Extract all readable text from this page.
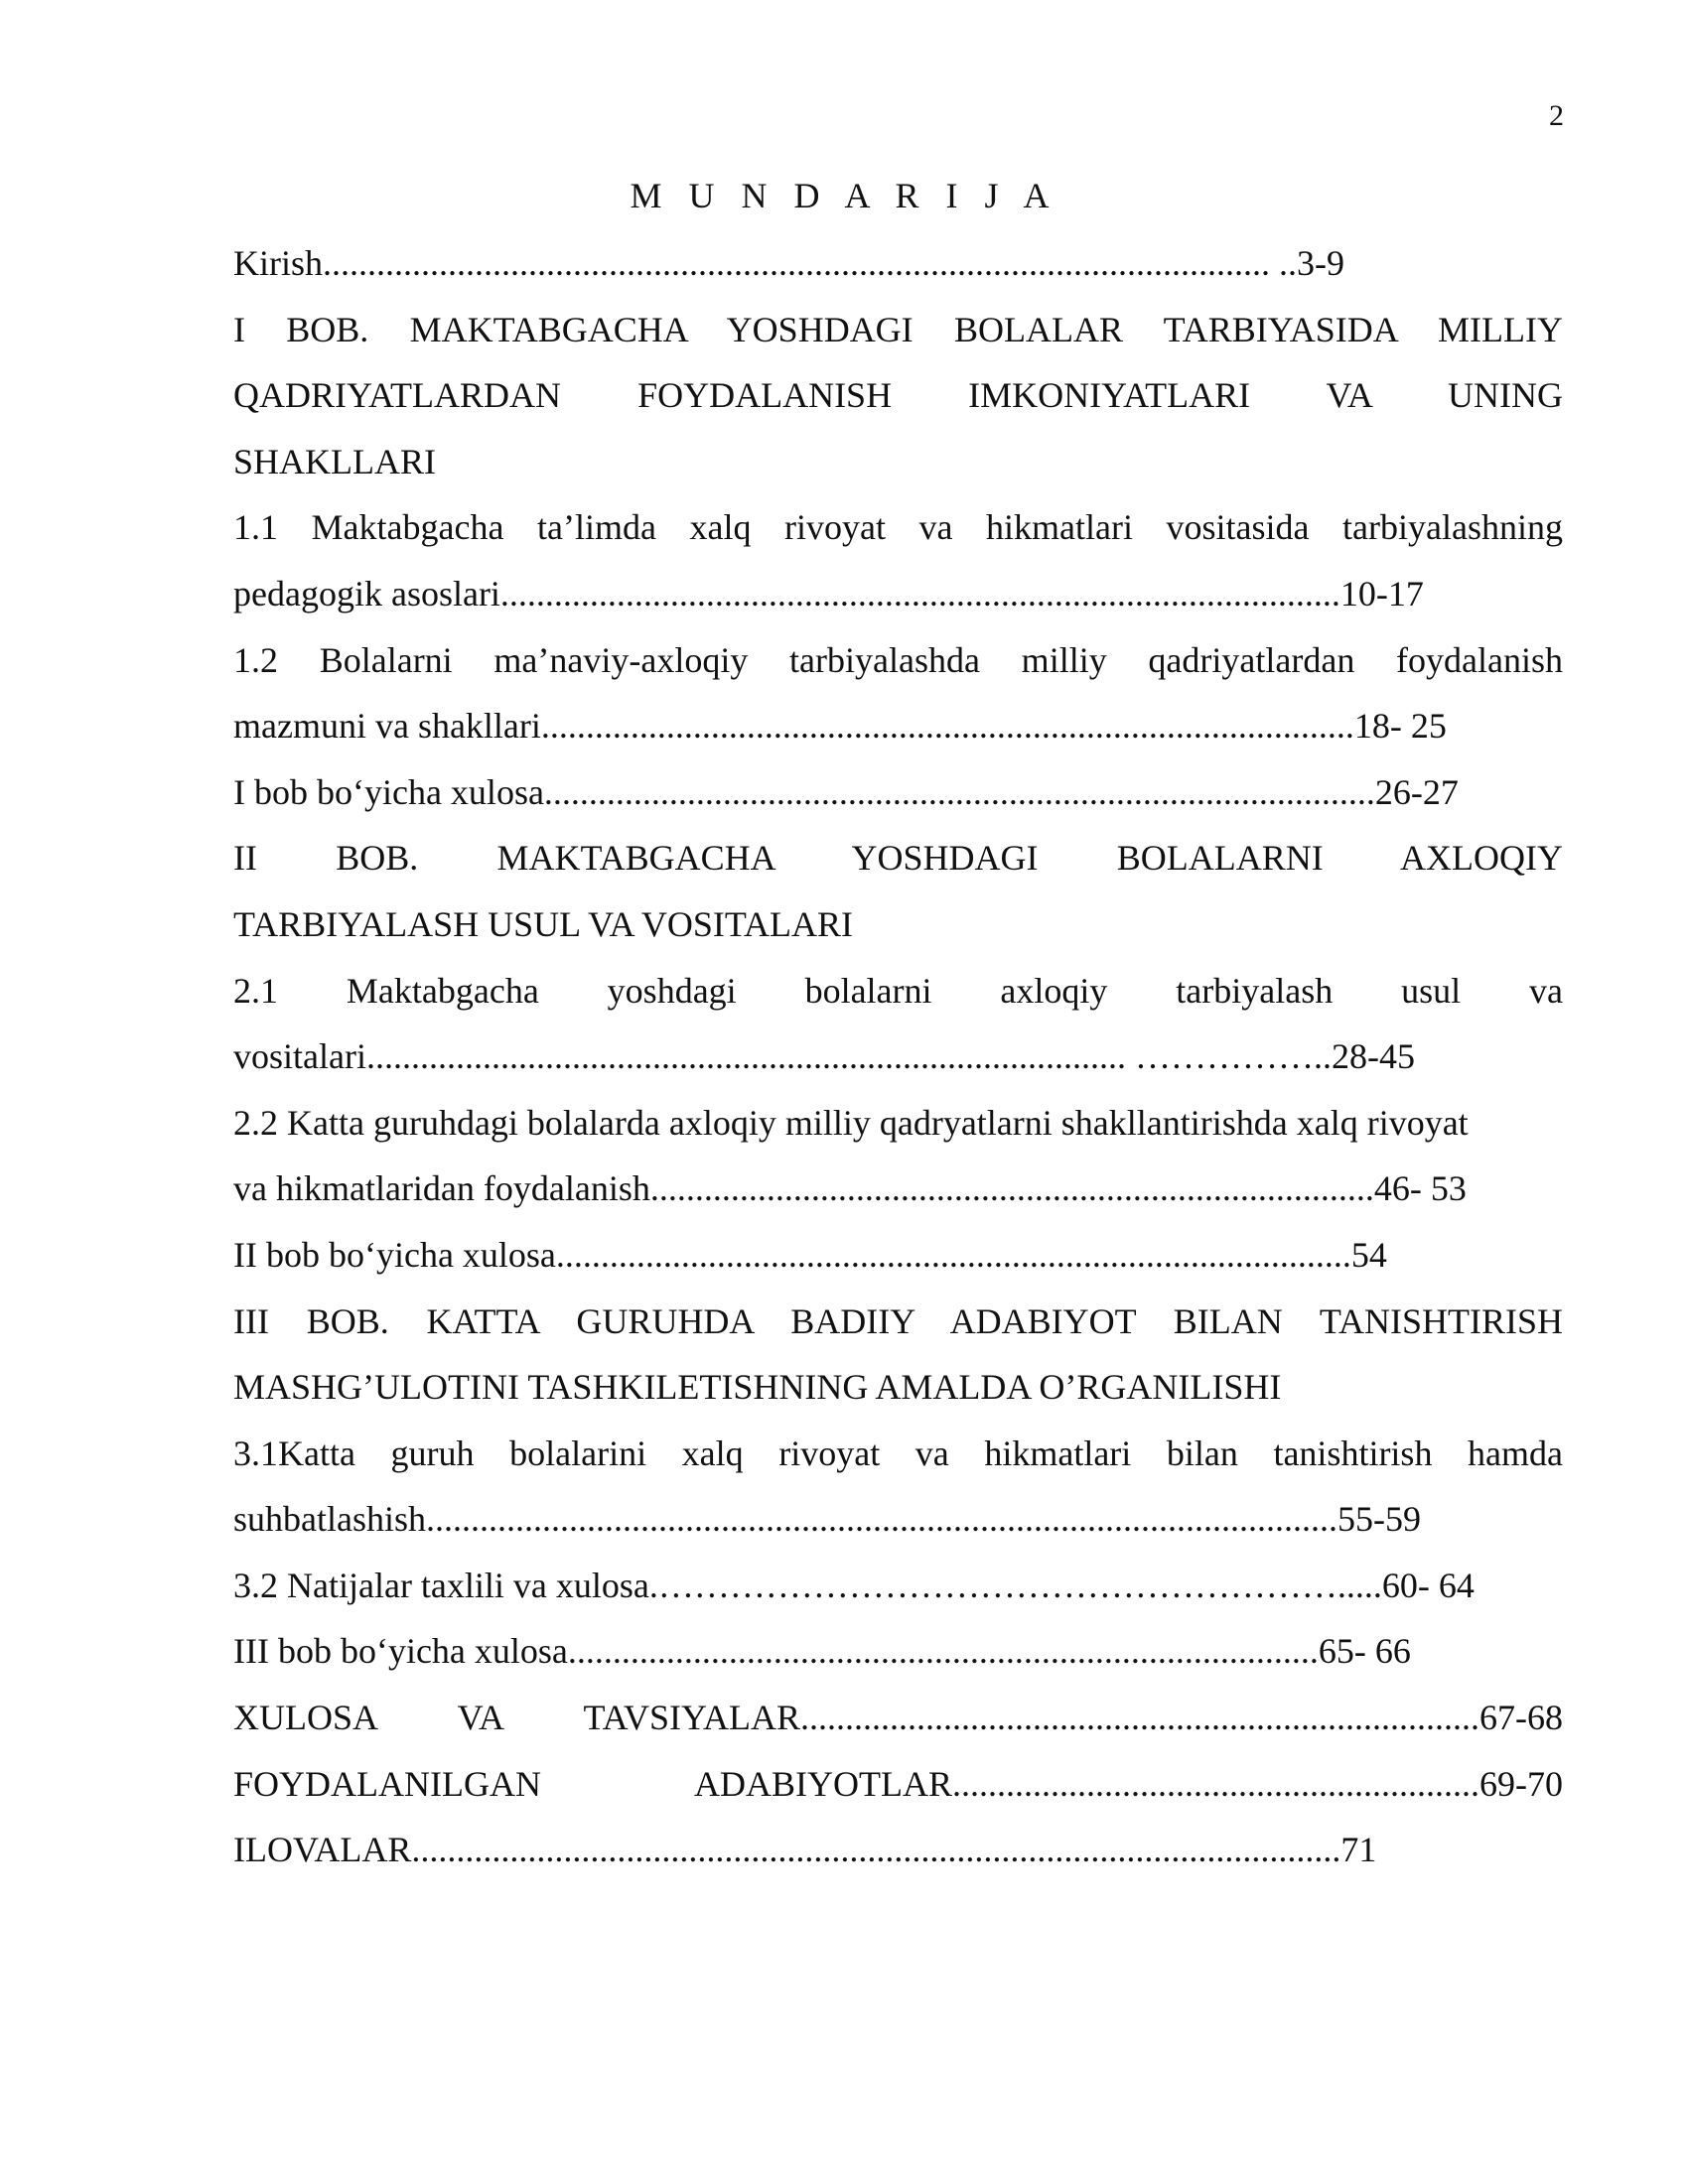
2
M U N D A R I J A
Kirish.......................................................................................................... ..3-9
I BOB. MAKTABGACHA YOSHDAGI BOLALAR TARBIYASIDA MILLIY
QADRIYATLARDAN FOYDALANISH IMKONIYATLARI VA UNING
SHAKLLARI
1.1 Maktabgacha ta’limda xalq rivoyat va hikmatlari vositasida tarbiyalashning
pedagogik asoslari..............................................................................................10-17
1.2 Bolalarni ma’naviy-axloqiy tarbiyalashda milliy qadriyatlardan foydalanish
mazmuni va shakllari...........................................................................................18- 25
I bob bo‘yicha xulosa.............................................................................................26-27
II BOB. MAKTABGACHA YOSHDAGI BOLALARNI AXLOQIY
TARBIYALASH USUL VA VOSITALARI
2.1 Maktabgacha yoshdagi bolalarni axloqiy tarbiyalash usul va
vositalari..................................................................................... ……………..28-45
2.2 Katta guruhdagi bolalarda axloqiy milliy qadryatlarni shakllantirishda xalq rivoyat
va hikmatlaridan foydalanish.................................................................................46- 53
II bob bo‘yicha xulosa.........................................................................................54
III BOB. KATTA GURUHDA BADIIY ADABIYOT BILAN TANISHTIRISH
MASHG’ULOTINI TASHKILETISHNING AMALDA O’RGANILISHI
3.1Katta guruh bolalarini xalq rivoyat va hikmatlari bilan tanishtirish hamda
suhbatlashish......................................................................................................55-59
3.2 Natijalar taxlili va xulosa.………………………………………………….....60- 64
III bob bo‘yicha xulosa....................................................................................65- 66
XULOSA VA TAVSIYALAR............................................................................67-68
FOYDALANILGAN ADABIYOTLAR...........................................................69-70
ILOVALAR........................................................................................................71
